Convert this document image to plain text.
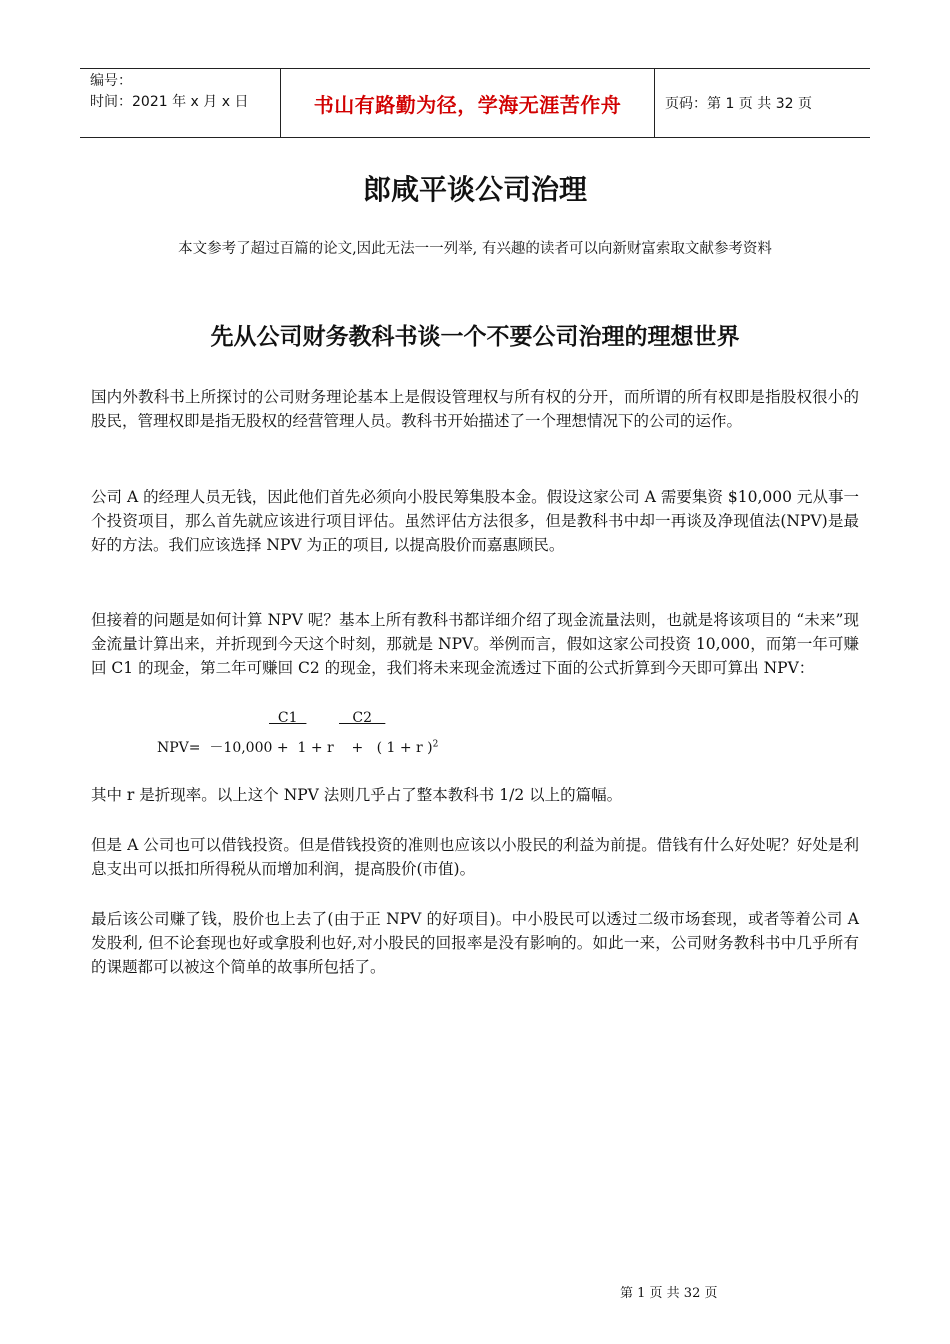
编号：
时间：2021 年 x 月 x 日	书山有路勤为径，学海无涯苦作舟	页码：第 1 页 共 32 页
郎咸平谈公司治理
本文参考了超过百篇的论文,因此无法一一列举, 有兴趣的读者可以向新财富索取文献参考资料
先从公司财务教科书谈一个不要公司治理的理想世界
国内外教科书上所探讨的公司财务理论基本上是假设管理权与所有权的分开，而所谓的所有权即是指股权很小的股民，管理权即是指无股权的经营管理人员。教科书开始描述了一个理想情况下的公司的运作。
公司 A 的经理人员无钱，因此他们首先必须向小股民筹集股本金。假设这家公司 A 需要集资 $10,000 元从事一个投资项目，那么首先就应该进行项目评估。虽然评估方法很多，但是教科书中却一再谈及净现值法(NPV)是最好的方法。我们应该选择 NPV 为正的项目, 以提高股价而嘉惠顾民。
但接着的问题是如何计算 NPV 呢？基本上所有教科书都详细介绍了现金流量法则，也就是将该项目的 “未来”现金流量计算出来，并折现到今天这个时刻，那就是 NPV。举例而言，假如这家公司投资 10,000，而第一年可赚回 C1 的现金，第二年可赚回 C2 的现金，我们将未来现金流透过下面的公式折算到今天即可算出 NPV：
C1 C2
NPV=  －10,000 +  1 + r    +   ( 1 + r )$^2$
其中 r 是折现率。以上这个 NPV 法则几乎占了整本教科书 1/2 以上的篇幅。
但是 A 公司也可以借钱投资。但是借钱投资的准则也应该以小股民的利益为前提。借钱有什么好处呢？好处是利息支出可以抵扣所得税从而增加利润，提高股价(市值)。
最后该公司赚了钱，股价也上去了(由于正 NPV 的好项目)。中小股民可以透过二级市场套现，或者等着公司 A 发股利, 但不论套现也好或拿股利也好,对小股民的回报率是没有影响的。如此一来，公司财务教科书中几乎所有的课题都可以被这个简单的故事所包括了。
第 1 页 共 32 页
